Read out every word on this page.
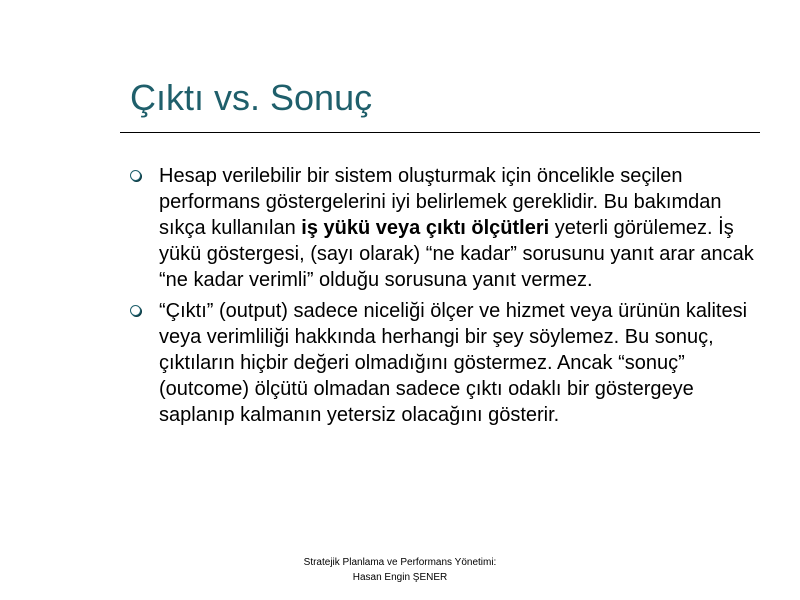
Çıktı vs. Sonuç
Hesap verilebilir bir sistem oluşturmak için öncelikle seçilen performans göstergelerini iyi belirlemek gereklidir. Bu bakımdan sıkça kullanılan iş yükü veya çıktı ölçütleri yeterli görülemez. İş yükü göstergesi, (sayı olarak) “ne kadar” sorusunu yanıt arar ancak “ne kadar verimli” olduğu sorusuna yanıt vermez.
“Çıktı” (output) sadece niceliği ölçer ve hizmet veya ürünün kalitesi veya verimliliği hakkında herhangi bir şey söylemez. Bu sonuç, çıktıların hiçbir değeri olmadığını göstermez. Ancak “sonuç” (outcome) ölçütü olmadan sadece çıktı odaklı bir göstergeye saplanıp kalmanın yetersiz olacağını gösterir.
Stratejik Planlama ve Performans Yönetimi:
Hasan Engin ŞENER
